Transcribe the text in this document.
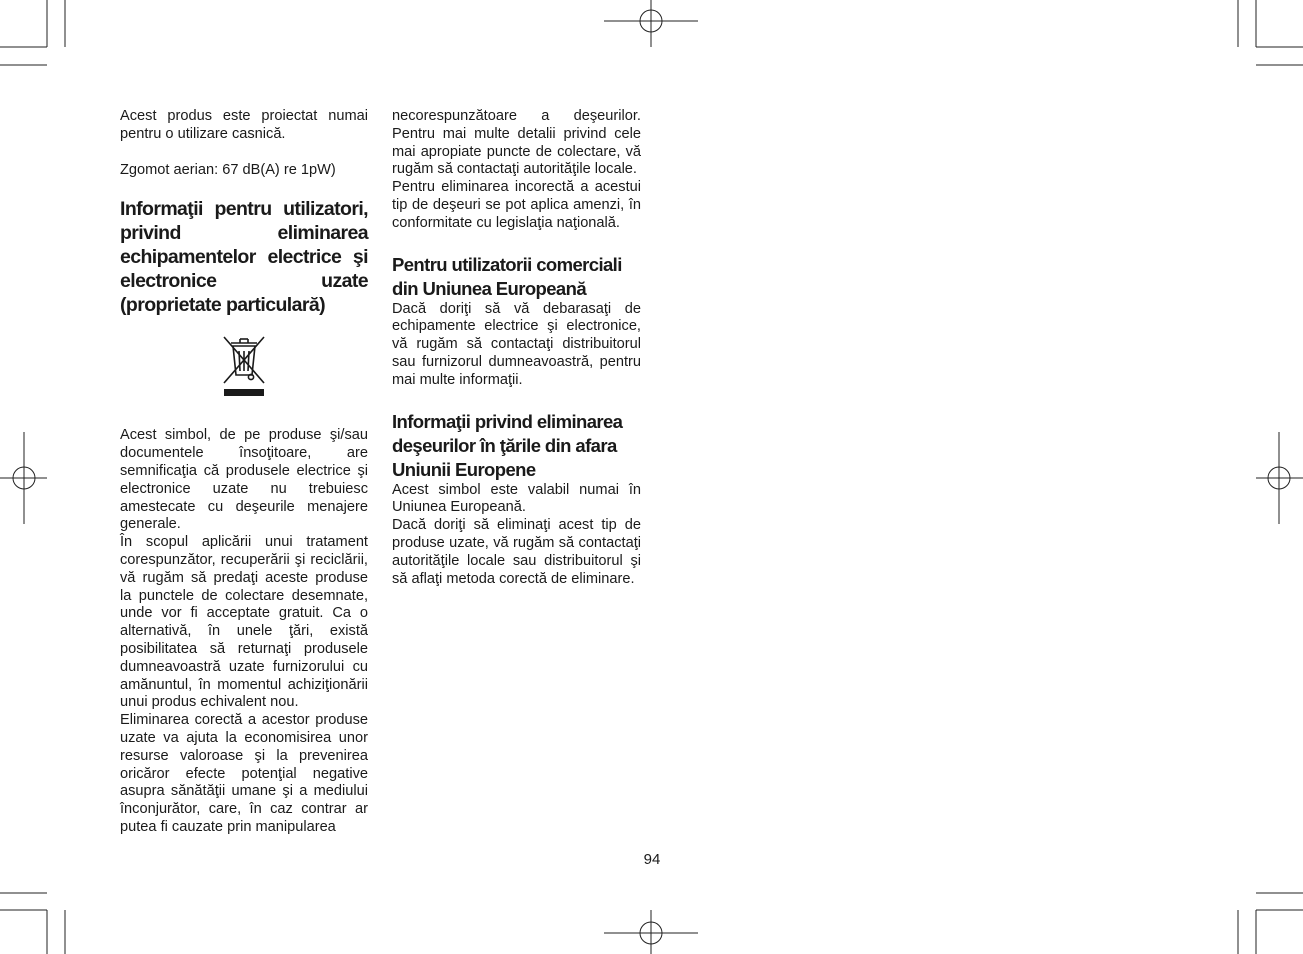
Acest produs este proiectat numai pentru o utilizare casnică.

Zgomot aerian: 67 dB(A) re 1pW)

Informaţii pentru utilizatori, privind eliminarea echipamentelor electrice şi electronice uzate (proprietate particulară)

Acest simbol, de pe produse şi/sau documentele însoţitoare, are semnificaţia că produsele electrice şi electronice uzate nu trebuiesc amestecate cu deşeurile menajere generale.

În scopul aplicării unui tratament corespunzător, recuperării şi reciclării, vă rugăm să predaţi aceste produse la punctele de colectare desemnate, unde vor fi acceptate gratuit. Ca o alternativă, în unele ţări, există posibilitatea să returnaţi produsele dumneavoastră uzate furnizorului cu amănuntul, în momentul achiziţionării unui produs echivalent nou.

Eliminarea corectă a acestor produse uzate va ajuta la economisirea unor resurse valoroase şi la prevenirea oricăror efecte potenţial negative asupra sănătăţii umane şi a mediului înconjurător, care, în caz contrar ar putea fi cauzate prin manipularea

necorespunzătoare a deşeurilor. Pentru mai multe detalii privind cele mai apropiate puncte de colectare, vă rugăm să contactaţi autorităţile locale.

Pentru eliminarea incorectă a acestui tip de deşeuri se pot aplica amenzi, în conformitate cu legislaţia naţională.

Pentru utilizatorii comerciali din Uniunea Europeană

Dacă doriţi să vă debarasaţi de echipamente electrice şi electronice, vă rugăm să contactaţi distribuitorul sau furnizorul dumneavoastră, pentru mai multe informaţii.

Informaţii privind eliminarea deşeurilor în ţările din afara Uniunii Europene

Acest simbol este valabil numai în Uniunea Europeană.

Dacă doriţi să eliminaţi acest tip de produse uzate, vă rugăm să contactaţi autorităţile locale sau distribuitorul şi să aflaţi metoda corectă de eliminare.

94
